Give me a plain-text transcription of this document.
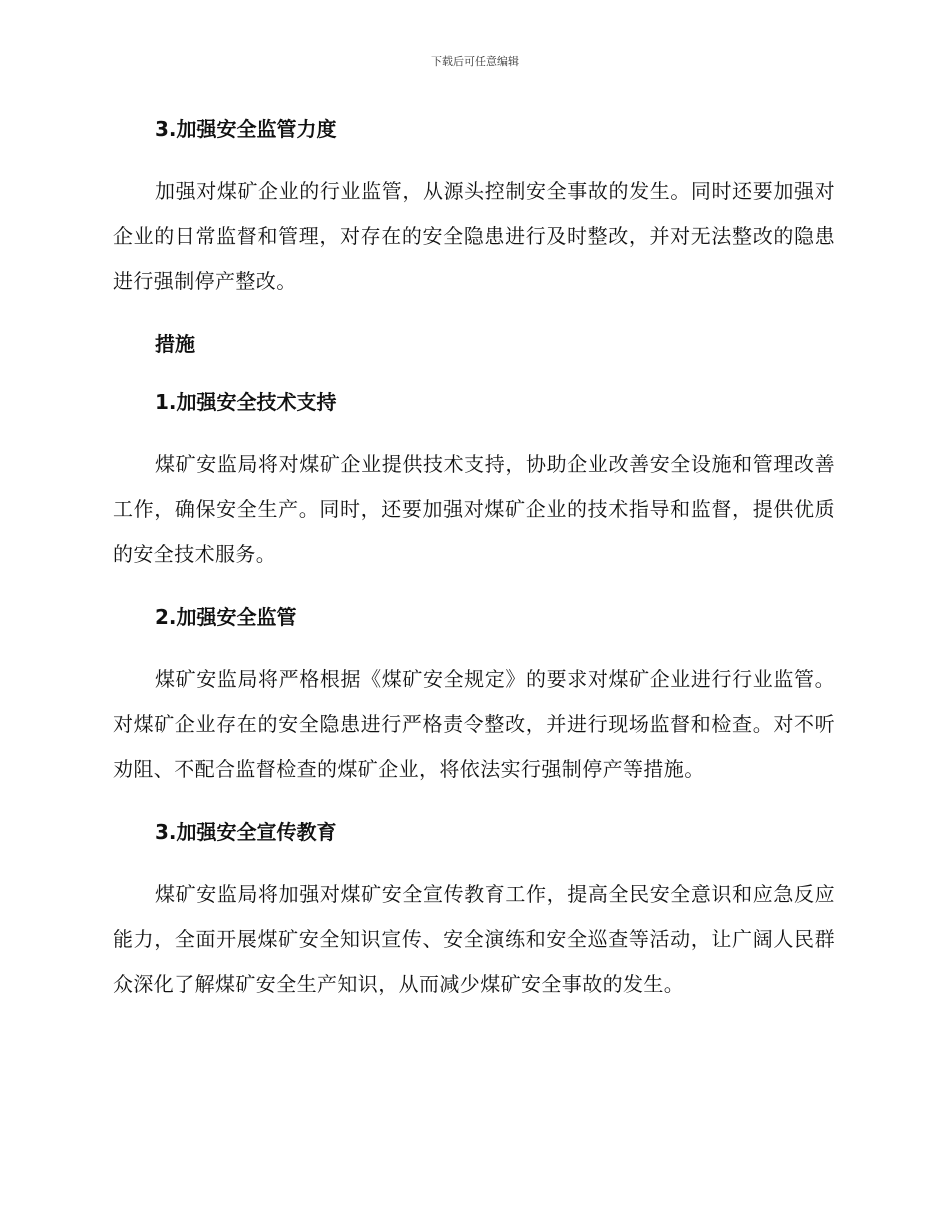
下载后可任意编辑
3.加强安全监管力度

加强对煤矿企业的行业监管，从源头控制安全事故的发生。同时还要加强对企业的日常监督和管理，对存在的安全隐患进行及时整改，并对无法整改的隐患进行强制停产整改。

措施
1.加强安全技术支持

煤矿安监局将对煤矿企业提供技术支持，协助企业改善安全设施和管理改善工作，确保安全生产。同时，还要加强对煤矿企业的技术指导和监督，提供优质的安全技术服务。

2.加强安全监管

煤矿安监局将严格根据《煤矿安全规定》的要求对煤矿企业进行行业监管。对煤矿企业存在的安全隐患进行严格责令整改，并进行现场监督和检查。对不听劝阻、不配合监督检查的煤矿企业，将依法实行强制停产等措施。

3.加强安全宣传教育

煤矿安监局将加强对煤矿安全宣传教育工作，提高全民安全意识和应急反应能力，全面开展煤矿安全知识宣传、安全演练和安全巡查等活动，让广阔人民群众深化了解煤矿安全生产知识，从而减少煤矿安全事故的发生。
